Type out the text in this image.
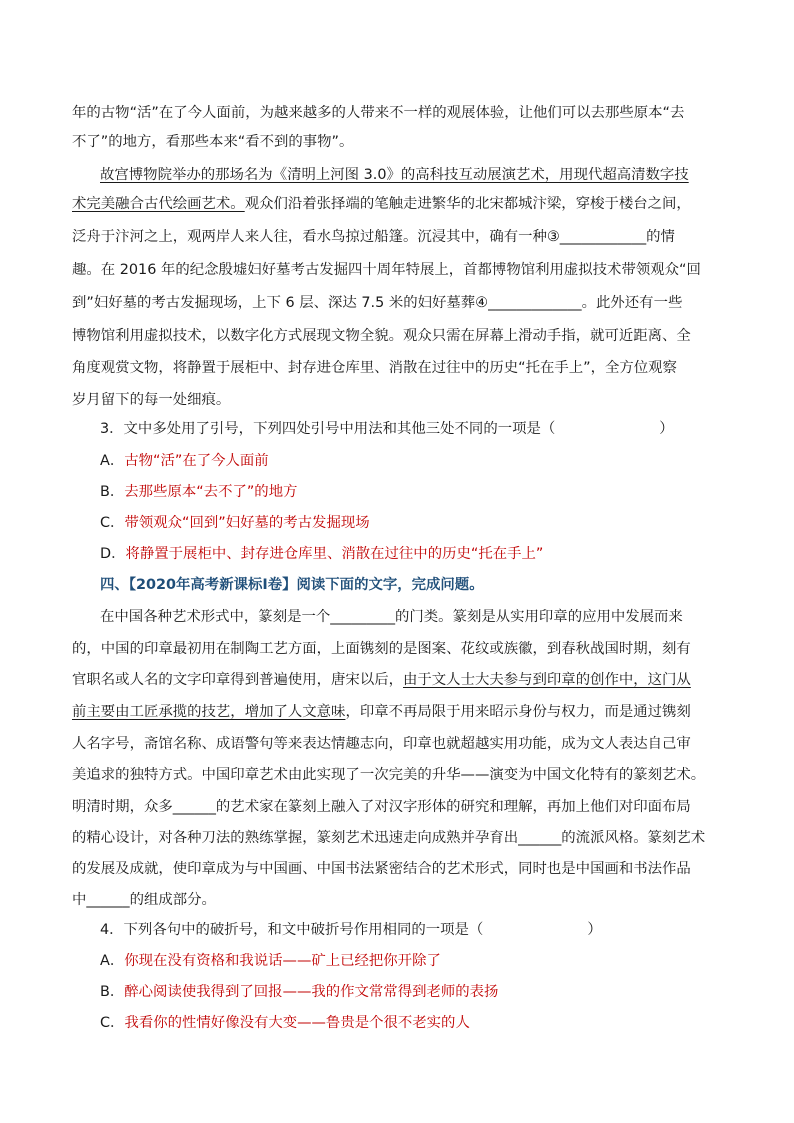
年的古物“活”在了今人面前，为越来越多的人带来不一样的观展体验，让他们可以去那些原本“去
不了”的地方，看那些本来“看不到的事物”。
故宫博物院举办的那场名为《清明上河图 3.0》的高科技互动展演艺术，用现代超高清数字技
术完美融合古代绘画艺术。观众们沿着张择端的笔触走进繁华的北宋都城汴梁，穿梭于楼台之间，
泛舟于汴河之上，观两岸人来人往，看水鸟掠过船篷。沉浸其中，确有一种③____________的情
趣。在 2016 年的纪念殷墟妇好墓考古发掘四十周年特展上，首都博物馆利用虚拟技术带领观众“回
到”妇好墓的考古发掘现场，上下 6 层、深达 7.5 米的妇好墓葬④_____________。此外还有一些
博物馆利用虚拟技术，以数字化方式展现文物全貌。观众只需在屏幕上滑动手指，就可近距离、全
角度观赏文物，将静置于展柜中、封存进仓库里、消散在过往中的历史“托在手上”，全方位观察
岁月留下的每一处细痕。
3．文中多处用了引号，下列四处引号中用法和其他三处不同的一项是（	）
A．古物“活”在了今人面前
B．去那些原本“去不了”的地方
C．带领观众“回到”妇好墓的考古发掘现场
D．将静置于展柜中、封存进仓库里、消散在过往中的历史“托在手上”
四、【2020年高考新课标Ⅰ卷】阅读下面的文字，完成问题。
在中国各种艺术形式中，篆刻是一个_________的门类。篆刻是从实用印章的应用中发展而来
的，中国的印章最初用在制陶工艺方面，上面镌刻的是图案、花纹或族徽，到春秋战国时期，刻有
官职名或人名的文字印章得到普遍使用，唐宋以后，由于文人士大夫参与到印章的创作中，这门从
前主要由工匠承揽的技艺，增加了人文意味，印章不再局限于用来昭示身份与权力，而是通过镌刻
人名字号，斋馆名称、成语警句等来表达情趣志向，印章也就超越实用功能，成为文人表达自己审
美追求的独特方式。中国印章艺术由此实现了一次完美的升华——演变为中国文化特有的篆刻艺术。
明清时期，众多______的艺术家在篆刻上融入了对汉字形体的研究和理解，再加上他们对印面布局
的精心设计，对各种刀法的熟练掌握，篆刻艺术迅速走向成熟并孕育出______的流派风格。篆刻艺术
的发展及成就，使印章成为与中国画、中国书法紧密结合的艺术形式，同时也是中国画和书法作品
中______的组成部分。
4．下列各句中的破折号，和文中破折号作用相同的一项是（	）
A．你现在没有资格和我说话——矿上已经把你开除了
B．醉心阅读使我得到了回报——我的作文常常得到老师的表扬
C．我看你的性情好像没有大变——鲁贵是个很不老实的人
